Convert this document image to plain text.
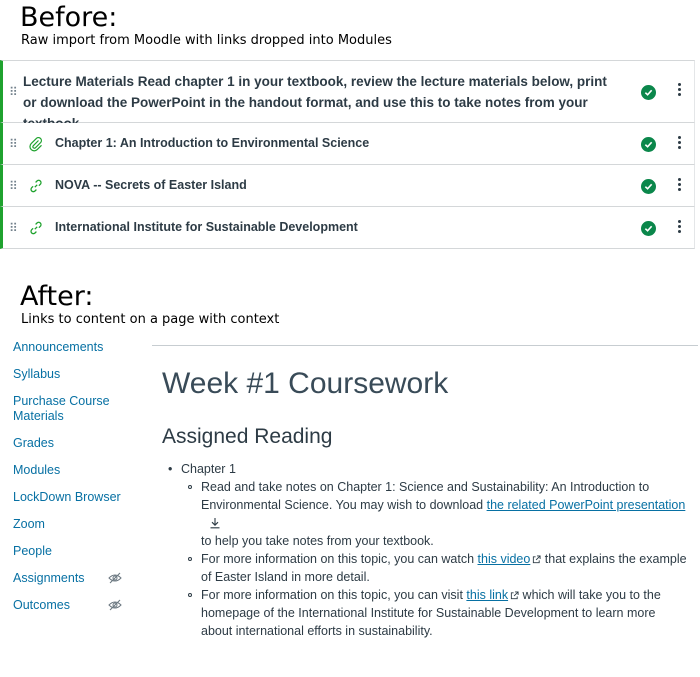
Before:
Raw import from Moodle with links dropped into Modules
⠿
Lecture Materials Read chapter 1 in your textbook, review the lecture materials below, print or download the PowerPoint in the handout format, and use this to take notes from your
⠿	Chapter 1: An Introduction to Environmental Science
⠿	NOVA -- Secrets of Easter Island
⠿	International Institute for Sustainable Development
After:
Links to content on a page with context
Announcements
Syllabus
Purchase Course Materials
Grades
Modules
LockDown Browser
Zoom
People
Assignments
Outcomes
Week #1 Coursework
Assigned Reading
• Chapter 1
Read and take notes on Chapter 1: Science and Sustainability: An Introduction to Environmental Science. You may wish to download the related PowerPoint presentation
to help you take notes from your textbook.
For more information on this topic, you can watch this video that explains the example of Easter Island in more detail.
For more information on this topic, you can visit this link which will take you to the homepage of the International Institute for Sustainable Development to learn more about international efforts in sustainability.
